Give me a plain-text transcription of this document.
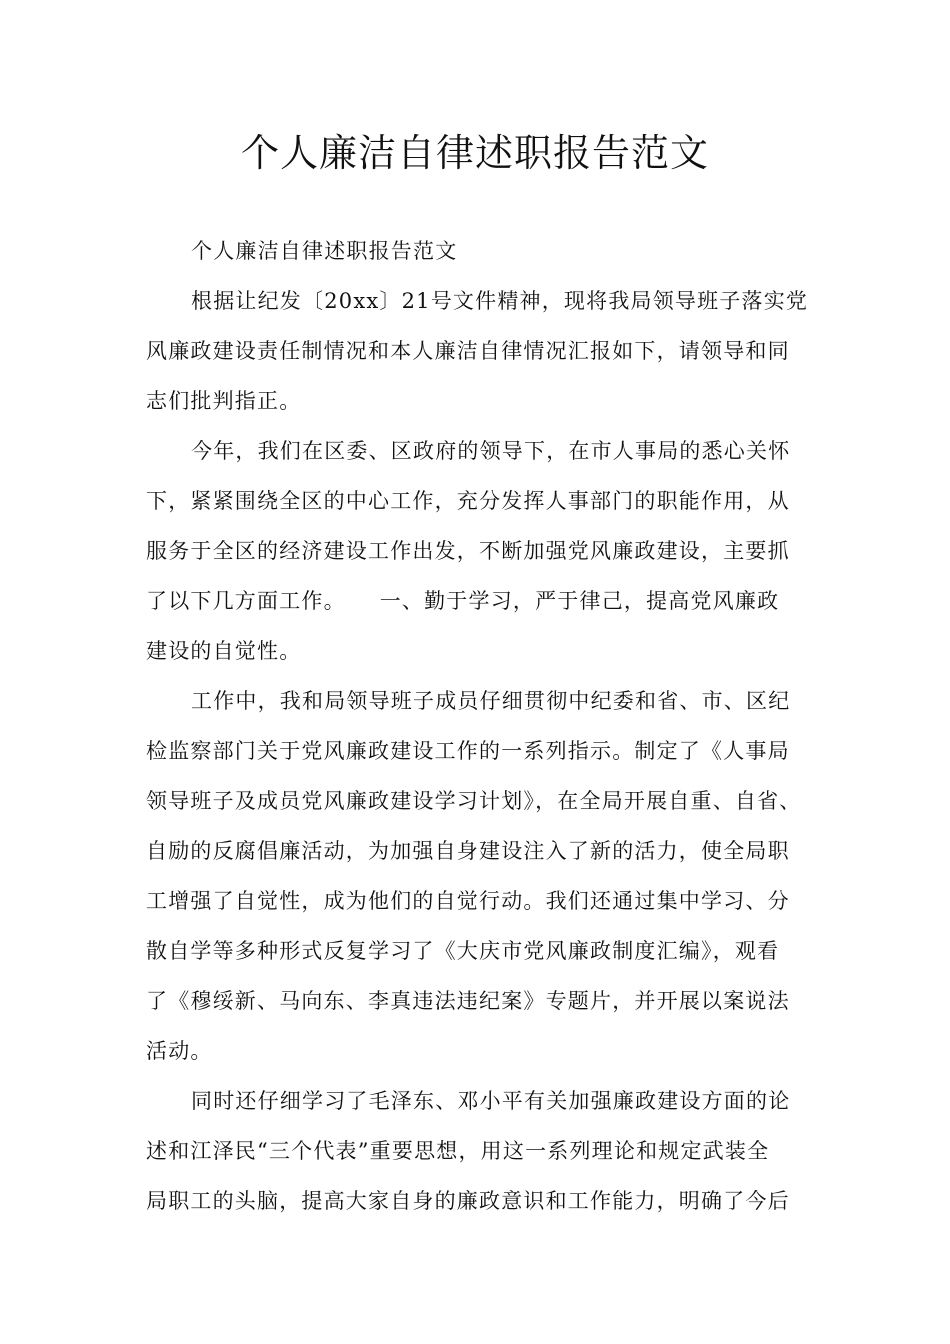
个人廉洁自律述职报告范文
个人廉洁自律述职报告范文
根据让纪发〔20xx〕21号文件精神，现将我局领导班子落实党
风廉政建设责任制情况和本人廉洁自律情况汇报如下，请领导和同
志们批判指正。
今年，我们在区委、区政府的领导下，在市人事局的悉心关怀
下，紧紧围绕全区的中心工作，充分发挥人事部门的职能作用，从
服务于全区的经济建设工作出发，不断加强党风廉政建设，主要抓
了以下几方面工作。　　一、勤于学习，严于律己，提高党风廉政
建设的自觉性。
工作中，我和局领导班子成员仔细贯彻中纪委和省、市、区纪
检监察部门关于党风廉政建设工作的一系列指示。制定了《人事局
领导班子及成员党风廉政建设学习计划》，在全局开展自重、自省、
自励的反腐倡廉活动，为加强自身建设注入了新的活力，使全局职
工增强了自觉性，成为他们的自觉行动。我们还通过集中学习、分
散自学等多种形式反复学习了《大庆市党风廉政制度汇编》，观看
了《穆绥新、马向东、李真违法违纪案》专题片，并开展以案说法
活动。
同时还仔细学习了毛泽东、邓小平有关加强廉政建设方面的论
述和江泽民“三个代表”重要思想，用这一系列理论和规定武装全
局职工的头脑，提高大家自身的廉政意识和工作能力，明确了今后
